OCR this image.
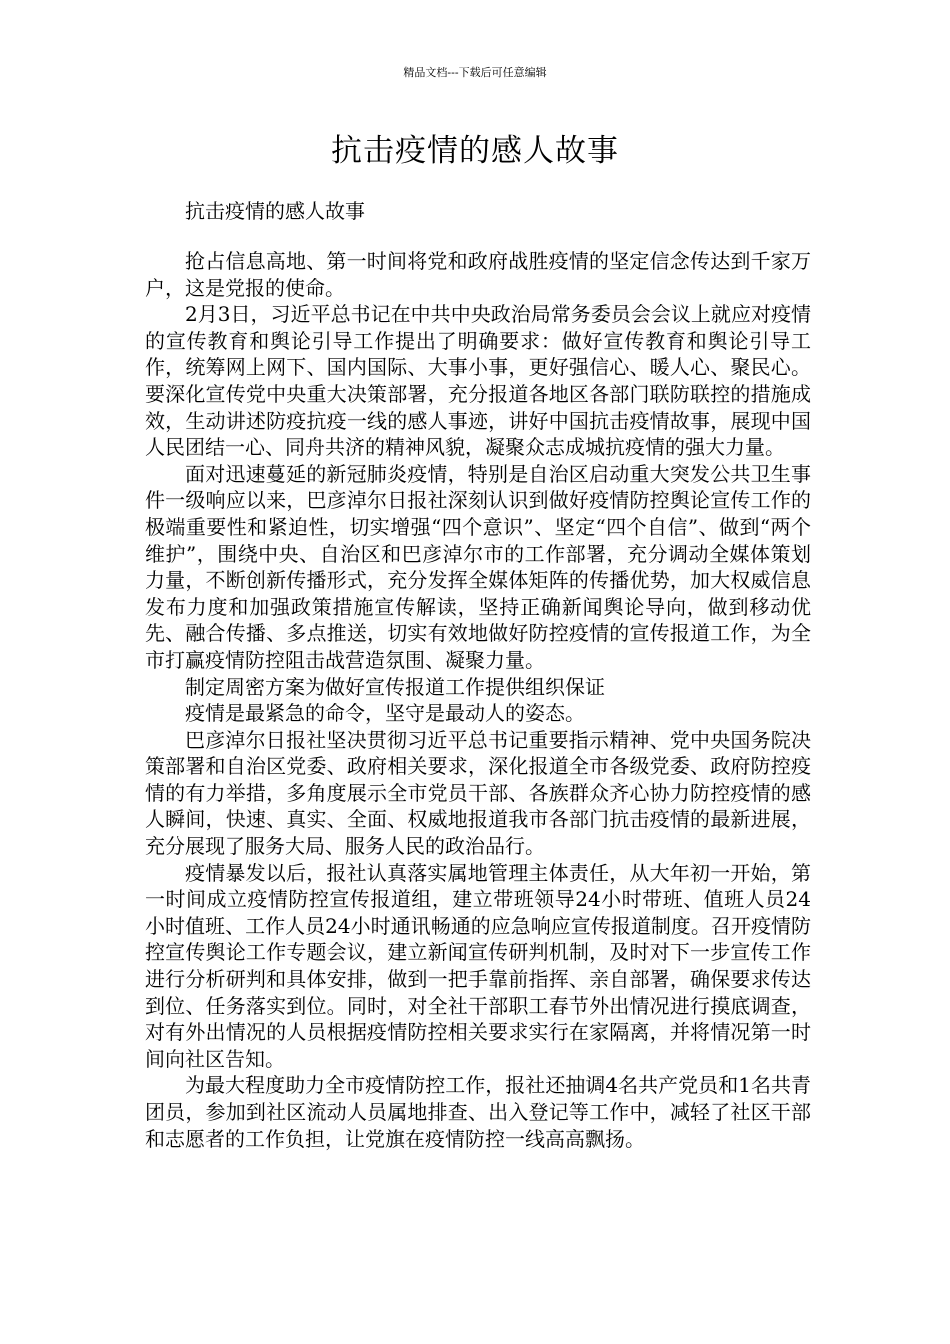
精品文档---下载后可任意编辑
抗击疫情的感人故事
抗击疫情的感人故事

抢占信息高地、第一时间将党和政府战胜疫情的坚定信念传达到千家万户，这是党报的使命。

2月3日，习近平总书记在中共中央政治局常务委员会会议上就应对疫情的宣传教育和舆论引导工作提出了明确要求：做好宣传教育和舆论引导工作，统筹网上网下、国内国际、大事小事，更好强信心、暖人心、聚民心。要深化宣传党中央重大决策部署，充分报道各地区各部门联防联控的措施成效，生动讲述防疫抗疫一线的感人事迹，讲好中国抗击疫情故事，展现中国人民团结一心、同舟共济的精神风貌，凝聚众志成城抗疫情的强大力量。

面对迅速蔓延的新冠肺炎疫情，特别是自治区启动重大突发公共卫生事件一级响应以来，巴彦淖尔日报社深刻认识到做好疫情防控舆论宣传工作的极端重要性和紧迫性，切实增强“四个意识”、坚定“四个自信”、做到“两个维护”，围绕中央、自治区和巴彦淖尔市的工作部署，充分调动全媒体策划力量，不断创新传播形式，充分发挥全媒体矩阵的传播优势，加大权威信息发布力度和加强政策措施宣传解读，坚持正确新闻舆论导向，做到移动优先、融合传播、多点推送，切实有效地做好防控疫情的宣传报道工作，为全市打赢疫情防控阻击战营造氛围、凝聚力量。

制定周密方案为做好宣传报道工作提供组织保证

疫情是最紧急的命令，坚守是最动人的姿态。

巴彦淖尔日报社坚决贯彻习近平总书记重要指示精神、党中央国务院决策部署和自治区党委、政府相关要求，深化报道全市各级党委、政府防控疫情的有力举措，多角度展示全市党员干部、各族群众齐心协力防控疫情的感人瞬间，快速、真实、全面、权威地报道我市各部门抗击疫情的最新进展，充分展现了服务大局、服务人民的政治品行。

疫情暴发以后，报社认真落实属地管理主体责任，从大年初一开始，第一时间成立疫情防控宣传报道组，建立带班领导24小时带班、值班人员24小时值班、工作人员24小时通讯畅通的应急响应宣传报道制度。召开疫情防控宣传舆论工作专题会议，建立新闻宣传研判机制，及时对下一步宣传工作进行分析研判和具体安排，做到一把手靠前指挥、亲自部署，确保要求传达到位、任务落实到位。同时，对全社干部职工春节外出情况进行摸底调查，对有外出情况的人员根据疫情防控相关要求实行在家隔离，并将情况第一时间向社区告知。

为最大程度助力全市疫情防控工作，报社还抽调4名共产党员和1名共青团员，参加到社区流动人员属地排查、出入登记等工作中，减轻了社区干部和志愿者的工作负担，让党旗在疫情防控一线高高飘扬。
